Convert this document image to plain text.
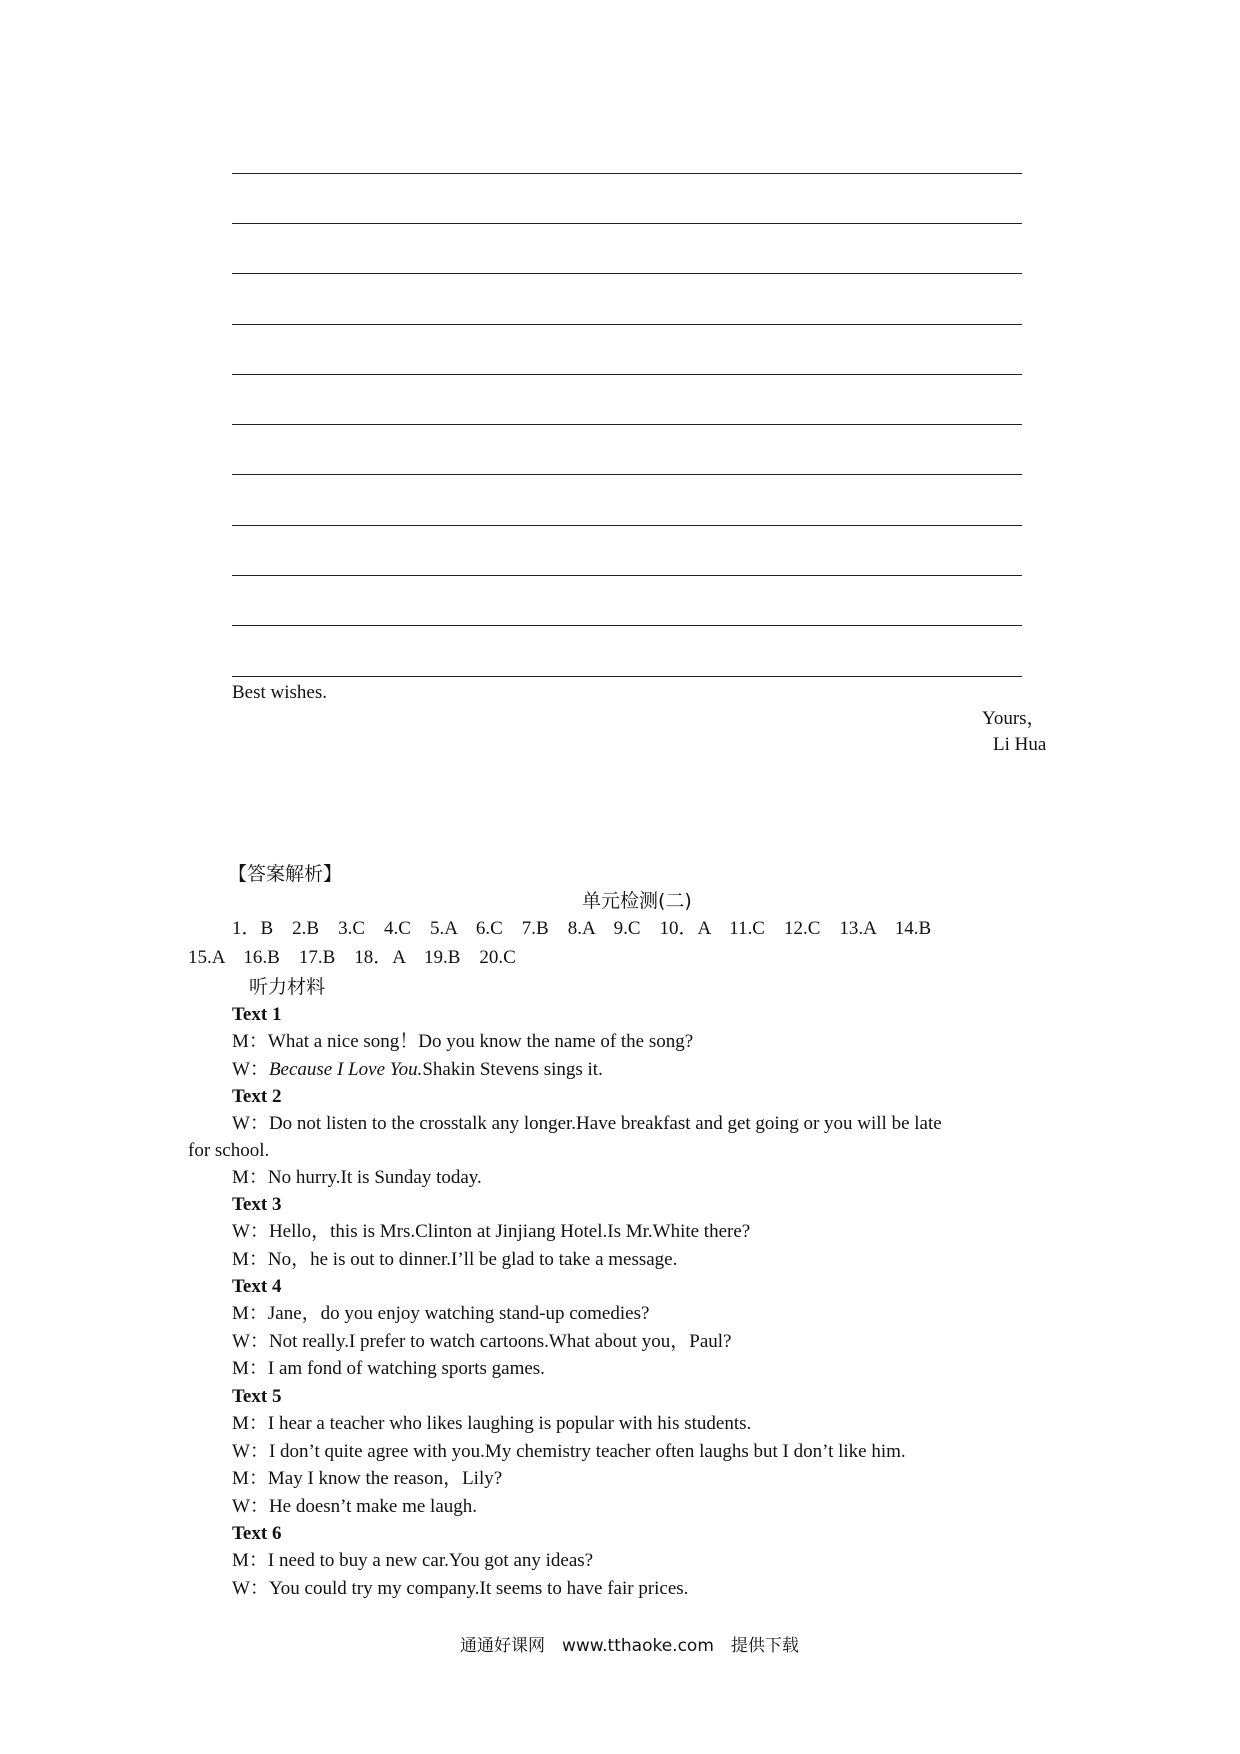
Best wishes.
Yours，
Li Hua
【答案解析】
单元检测(二)
1．B　2.B　3.C　4.C　5.A　6.C　7.B　8.A　9.C　10．A　11.C　12.C　13.A　14.B
15.A　16.B　17.B　18．A　19.B　20.C
听力材料
Text 1
M：What a nice song！Do you know the name of the song?
W：Because I Love You.Shakin Stevens sings it.
Text 2
W：Do not listen to the crosstalk any longer.Have breakfast and get going or you will be late
for school.
M：No hurry.It is Sunday today.
Text 3
W：Hello，this is Mrs.Clinton at Jinjiang Hotel.Is Mr.White there?
M：No，he is out to dinner.I’ll be glad to take a message.
Text 4
M：Jane，do you enjoy watching stand-up comedies?
W：Not really.I prefer to watch cartoons.What about you，Paul?
M：I am fond of watching sports games.
Text 5
M：I hear a teacher who likes laughing is popular with his students.
W：I don’t quite agree with you.My chemistry teacher often laughs but I don’t like him.
M：May I know the reason，Lily?
W：He doesn’t make me laugh.
Text 6
M：I need to buy a new car.You got any ideas?
W：You could try my company.It seems to have fair prices.
通通好课网　www.tthaoke.com　提供下载
